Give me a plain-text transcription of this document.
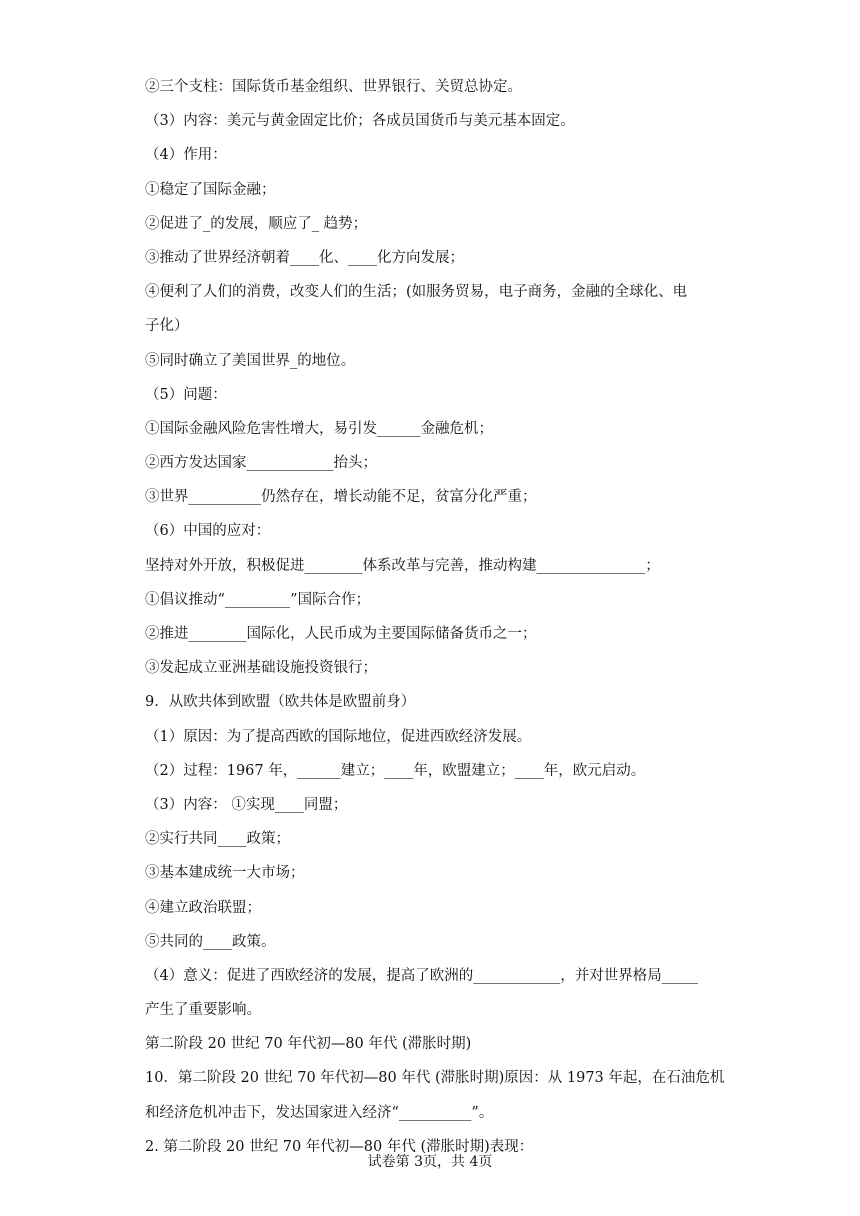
②三个支柱：国际货币基金组织、世界银行、关贸总协定。
（3）内容：美元与黄金固定比价；各成员国货币与美元基本固定。
（4）作用：
①稳定了国际金融；
②促进了_的发展，顺应了_ 趋势；
③推动了世界经济朝着____化、____化方向发展；
④便利了人们的消费，改变人们的生活；(如服务贸易，电子商务，金融的全球化、电
子化）
⑤同时确立了美国世界_的地位。
（5）问题：
①国际金融风险危害性增大，易引发______金融危机；
②西方发达国家____________抬头；
③世界__________仍然存在，增长动能不足，贫富分化严重；
（6）中国的应对：
坚持对外开放，积极促进________体系改革与完善，推动构建_______________；
①倡议推动“_________”国际合作；
②推进________国际化，人民币成为主要国际储备货币之一；
③发起成立亚洲基础设施投资银行；
9．从欧共体到欧盟（欧共体是欧盟前身）
（1）原因：为了提高西欧的国际地位，促进西欧经济发展。
（2）过程：1967 年，______建立；____年，欧盟建立；____年，欧元启动。
（3）内容： ①实现____同盟；
②实行共同____政策；
③基本建成统一大市场；
④建立政治联盟；
⑤共同的____政策。
（4）意义：促进了西欧经济的发展，提高了欧洲的____________，并对世界格局_____
产生了重要影响。
第二阶段 20 世纪 70 年代初—80 年代 (滞胀时期)
10．第二阶段 20 世纪 70 年代初—80 年代 (滞胀时期)原因：从 1973 年起，在石油危机
和经济危机冲击下，发达国家进入经济“__________”。
2. 第二阶段 20 世纪 70 年代初—80 年代 (滞胀时期)表现：
试卷第 3页，共 4页
